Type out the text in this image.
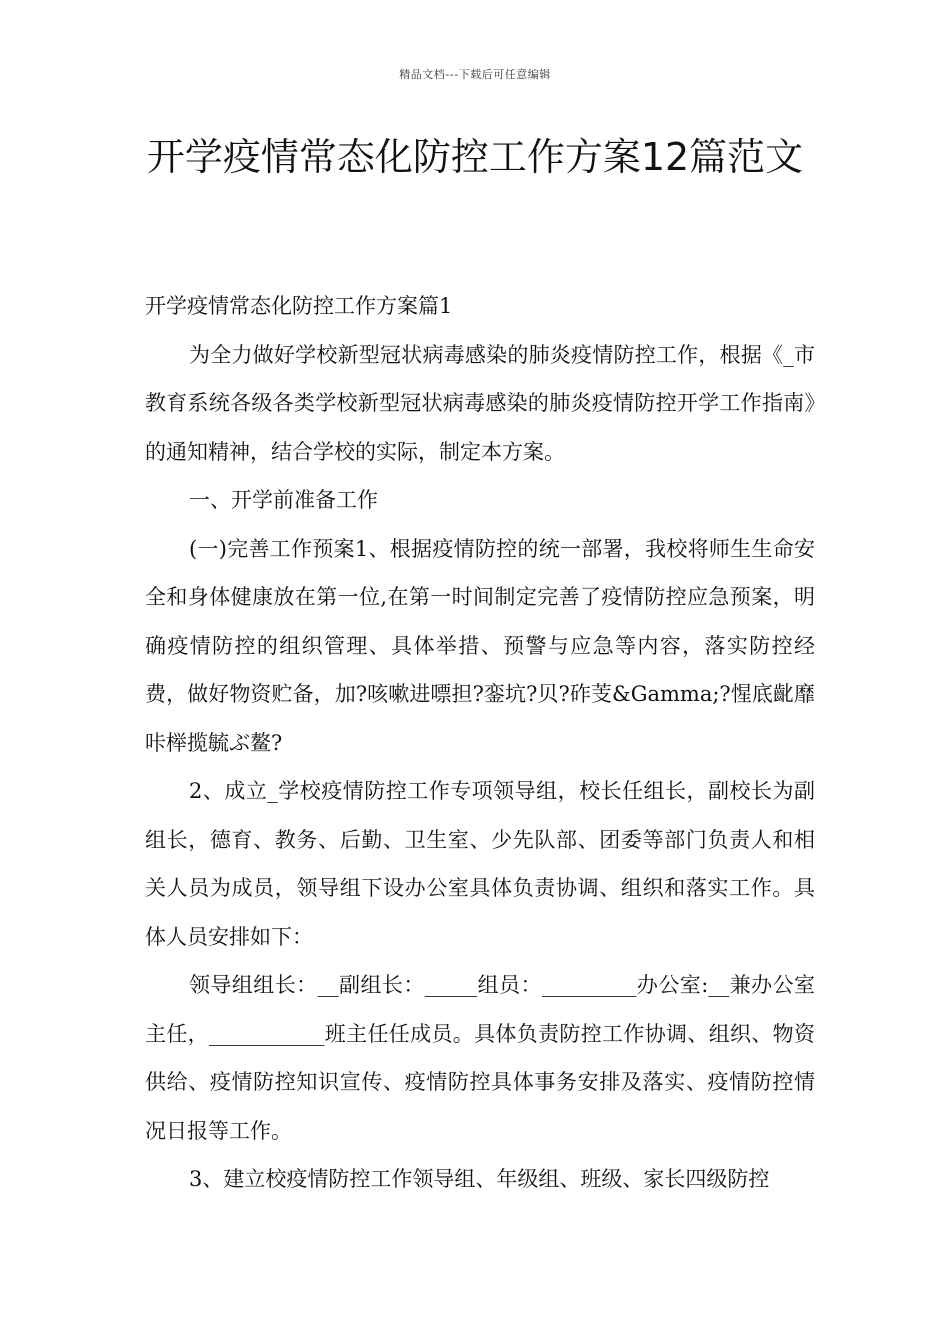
精品文档---下载后可任意编辑
开学疫情常态化防控工作方案12篇范文

开学疫情常态化防控工作方案篇1

为全力做好学校新型冠状病毒感染的肺炎疫情防控工作，根据《_市教育系统各级各类学校新型冠状病毒感染的肺炎疫情防控开学工作指南》的通知精神，结合学校的实际，制定本方案。

一、开学前准备工作

(一)完善工作预案1、根据疫情防控的统一部署，我校将师生生命安全和身体健康放在第一位,在第一时间制定完善了疫情防控应急预案，明确疫情防控的组织管理、具体举措、预警与应急等内容，落实防控经费，做好物资贮备，加?咳嗽进嘌担?銮坑?贝?砟芰&Gamma;?惺底齔靡咔榉揽毓ぶ鳌?

2、成立_学校疫情防控工作专项领导组，校长任组长，副校长为副组长，德育、教务、后勤、卫生室、少先队部、团委等部门负责人和相关人员为成员，领导组下设办公室具体负责协调、组织和落实工作。具体人员安排如下：

领导组组长：__副组长：_____组员：_________办公室:__兼办公室主任，___________班主任任成员。具体负责防控工作协调、组织、物资供给、疫情防控知识宣传、疫情防控具体事务安排及落实、疫情防控情况日报等工作。

3、建立校疫情防控工作领导组、年级组、班级、家长四级防控
